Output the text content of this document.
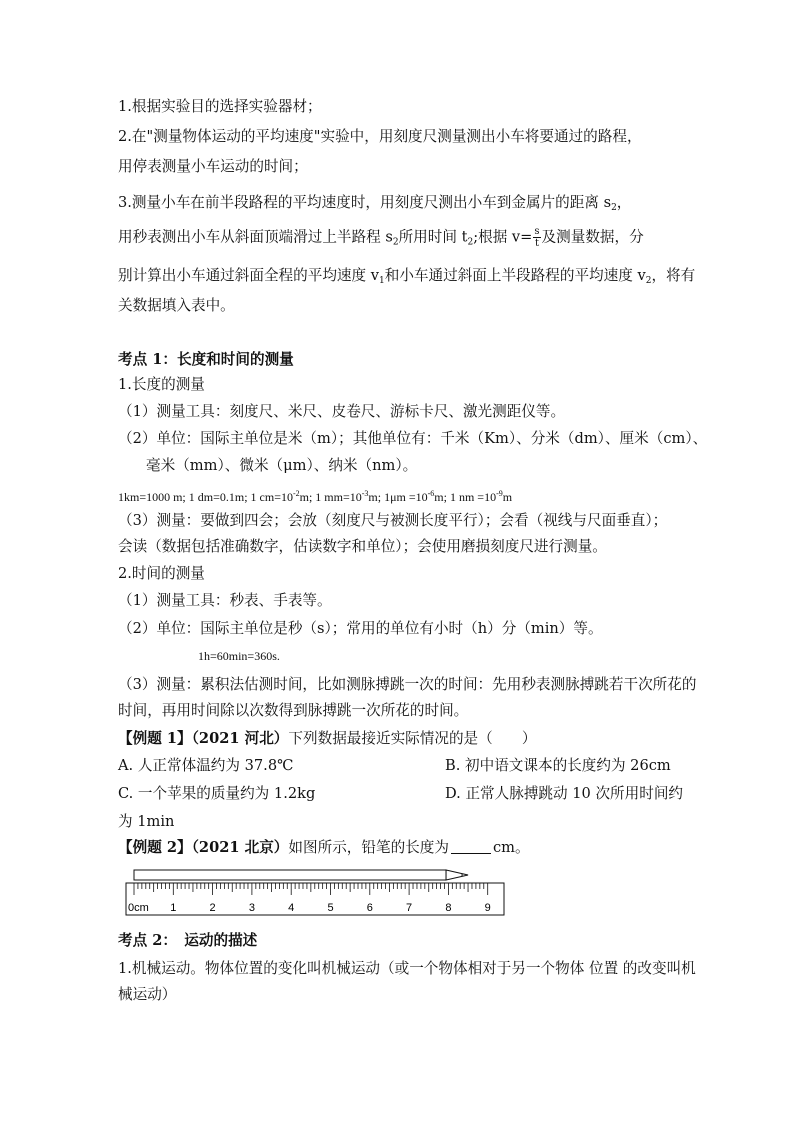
1.根据实验目的选择实验器材；
2.在"测量物体运动的平均速度"实验中，用刻度尺测量测出小车将要通过的路程，
用停表测量小车运动的时间；
3.测量小车在前半段路程的平均速度时，用刻度尺测出小车到金属片的距离 $s_2$，
用秒表测出小车从斜面顶端滑过上半路程 $s_2$所用时间 $t_2$;根据 $v= \frac{s}{t}$ 及测量数据，分
别计算出小车通过斜面全程的平均速度 $v_1$和小车通过斜面上半段路程的平均速度 $v_2$，将有
关数据填入表中。
考点 1：长度和时间的测量
1.长度的测量
（1）测量工具：刻度尺、米尺、皮卷尺、游标卡尺、激光测距仪等。
（2）单位：国际主单位是米（m）；其他单位有：千米（Km）、分米（dm）、厘米（cm）、
毫米（mm）、微米（μm）、纳米（nm）。
1km=1000 m; 1 dm=0.1m; 1 $cm=10^{-2}m$; 1 $mm=10^{-3}m$; $1\mu m =10^{-6}m$; 1 nm $=10^{-9}m$
（3）测量：要做到四会；会放（刻度尺与被测长度平行）；会看（视线与尺面垂直）；
会读（数据包括准确数字，估读数字和单位）；会使用磨损刻度尺进行测量。
2.时间的测量
（1）测量工具：秒表、手表等。
（2）单位：国际主单位是秒（s）；常用的单位有小时（h）分（min）等。
1h=60min=360s.
（3）测量：累积法估测时间，比如测脉搏跳一次的时间：先用秒表测脉搏跳若干次所花的
时间，再用时间除以次数得到脉搏跳一次所花的时间。
【例题 1】（2021 河北）下列数据最接近实际情况的是（　　）
A. 人正常体温约为 37.8℃	B. 初中语文课本的长度约为 26cm
C. 一个苹果的质量约为 1.2kg	D. 正常人脉搏跳动 10 次所用时间约
为 1min
【例题 2】（2021 北京）如图所示，铅笔的长度为	cm。
0cm 1	2	3	4	5	6	7	8	9
考点 2：　运动的描述
1.机械运动。物体位置的变化叫机械运动（或一个物体相对于另一个物体 位置 的改变叫机
械运动）
